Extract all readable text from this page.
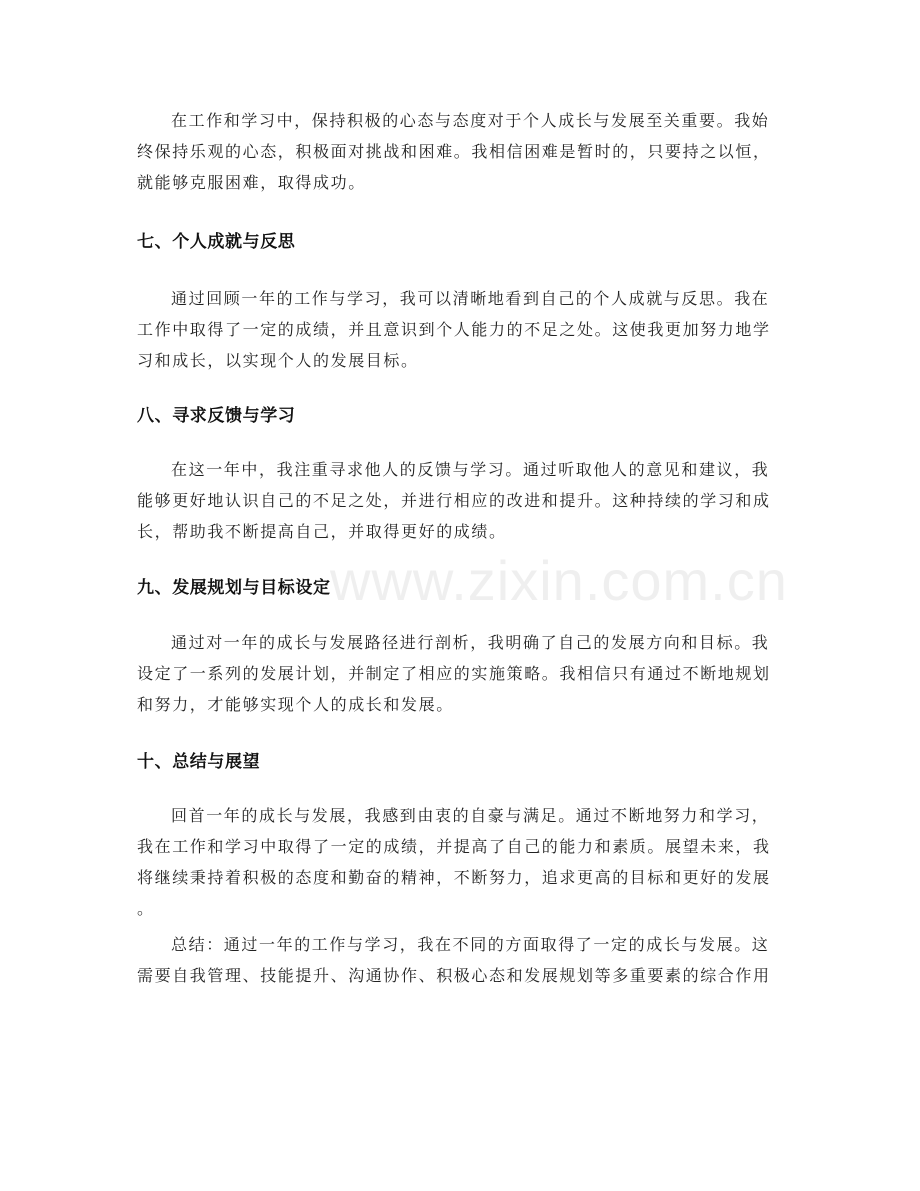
在工作和学习中，保持积极的心态与态度对于个人成长与发展至关重要。我始
终保持乐观的心态，积极面对挑战和困难。我相信困难是暂时的，只要持之以恒，
就能够克服困难，取得成功。

七、个人成就与反思

通过回顾一年的工作与学习，我可以清晰地看到自己的个人成就与反思。我在
工作中取得了一定的成绩，并且意识到个人能力的不足之处。这使我更加努力地学
习和成长，以实现个人的发展目标。

八、寻求反馈与学习

在这一年中，我注重寻求他人的反馈与学习。通过听取他人的意见和建议，我
能够更好地认识自己的不足之处，并进行相应的改进和提升。这种持续的学习和成
长，帮助我不断提高自己，并取得更好的成绩。

九、发展规划与目标设定

通过对一年的成长与发展路径进行剖析，我明确了自己的发展方向和目标。我
设定了一系列的发展计划，并制定了相应的实施策略。我相信只有通过不断地规划
和努力，才能够实现个人的成长和发展。

十、总结与展望

回首一年的成长与发展，我感到由衷的自豪与满足。通过不断地努力和学习，
我在工作和学习中取得了一定的成绩，并提高了自己的能力和素质。展望未来，我
将继续秉持着积极的态度和勤奋的精神，不断努力，追求更高的目标和更好的发展
。

总结：通过一年的工作与学习，我在不同的方面取得了一定的成长与发展。这
需要自我管理、技能提升、沟通协作、积极心态和发展规划等多重要素的综合作用

www.zixin.com.cn
